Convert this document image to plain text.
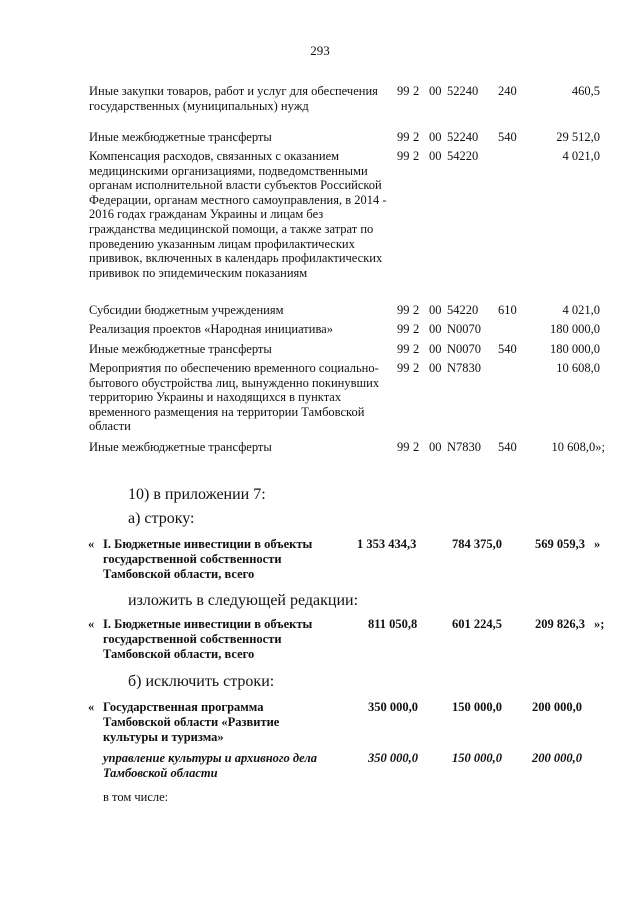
293
Иные закупки товаров, работ и услуг для обеспечения государственных (муниципальных) нужд
99 2 00 52240 240	460,5
Иные межбюджетные трансферты	99 2 00 52240 540	29 512,0
Компенсация расходов, связанных с оказанием медицинскими организациями, подведомственными органам исполнительной власти субъектов Российской Федерации, органам местного самоуправления, в 2014 - 2016 годах гражданам Украины и лицам без гражданства медицинской помощи, а также затрат по проведению указанным лицам профилактических прививок, включенных в календарь профилактических прививок по эпидемическим показаниям
99 2 00 54220	4 021,0
Субсидии бюджетным учреждениям	99 2 00 54220 610	4 021,0
Реализация проектов «Народная инициатива»	99 2 00 N0070	180 000,0
Иные межбюджетные трансферты	99 2 00 N0070 540	180 000,0
Мероприятия по обеспечению временного социально-бытового обустройства лиц, вынужденно покинувших территорию Украины и находящихся в пунктах временного размещения на территории Тамбовской области
99 2 00 N7830	10 608,0
Иные межбюджетные трансферты	99 2 00 N7830 540	10 608,0»;
10) в приложении 7:
а) строку:
« I. Бюджетные инвестиции в объекты
государственной собственности
Тамбовской области, всего
1 353 434,3	784 375,0	569 059,3 »
изложить в следующей редакции:
« I. Бюджетные инвестиции в объекты
государственной собственности
Тамбовской области, всего
811 050,8	601 224,5	209 826,3 »;
б) исключить строки:
« Государственная программа
Тамбовской области «Развитие
культуры и туризма»
350 000,0	150 000,0 200 000,0
управление культуры и архивного дела
Тамбовской области
350 000,0	150 000,0 200 000,0
в том числе:
